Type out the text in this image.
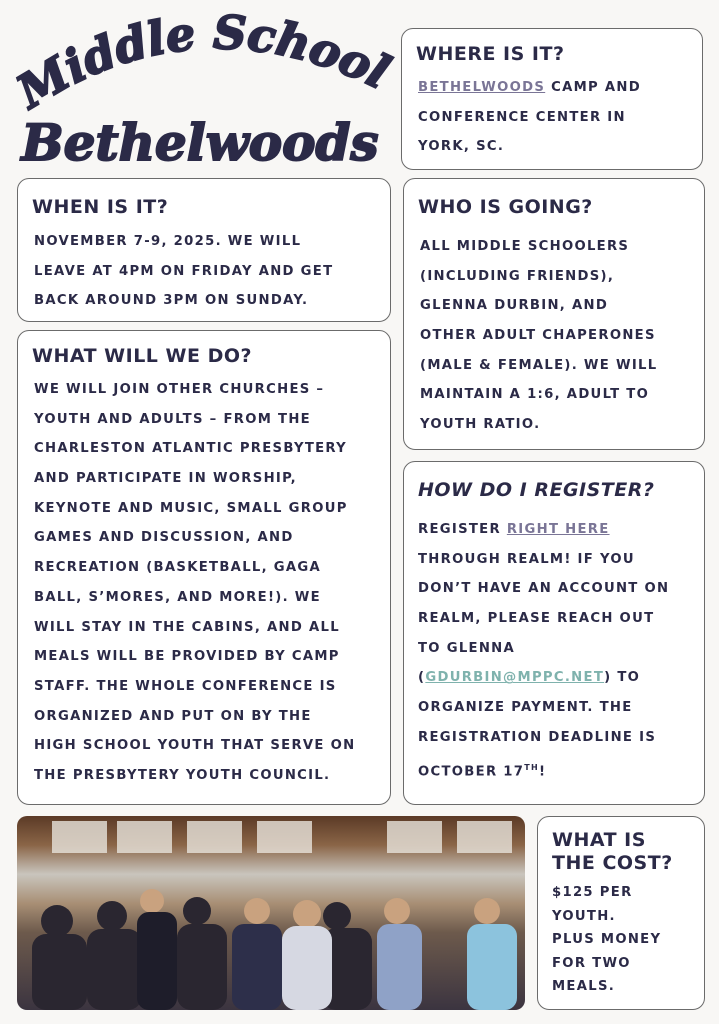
Middle School
Bethelwoods
WHERE IS IT?
BETHELWOODS CAMP AND
CONFERENCE CENTER IN
YORK, SC.
WHEN IS IT?
NOVEMBER 7-9, 2025. WE WILL
LEAVE AT 4PM ON FRIDAY AND GET
BACK AROUND 3PM ON SUNDAY.
WHO IS GOING?
ALL MIDDLE SCHOOLERS
(INCLUDING FRIENDS),
GLENNA DURBIN, AND
OTHER ADULT CHAPERONES
(MALE & FEMALE). WE WILL
MAINTAIN A 1:6, ADULT TO
YOUTH RATIO.
WHAT WILL WE DO?
WE WILL JOIN OTHER CHURCHES –
YOUTH AND ADULTS – FROM THE
CHARLESTON ATLANTIC PRESBYTERY
AND PARTICIPATE IN WORSHIP,
KEYNOTE AND MUSIC, SMALL GROUP
GAMES AND DISCUSSION, AND
RECREATION (BASKETBALL, GAGA
BALL, S’MORES, AND MORE!). WE
WILL STAY IN THE CABINS, AND ALL
MEALS WILL BE PROVIDED BY CAMP
STAFF. THE WHOLE CONFERENCE IS
ORGANIZED AND PUT ON BY THE
HIGH SCHOOL YOUTH THAT SERVE ON
THE PRESBYTERY YOUTH COUNCIL.
HOW DO I REGISTER?
REGISTER RIGHT HERE
THROUGH REALM! IF YOU
DON’T HAVE AN ACCOUNT ON
REALM, PLEASE REACH OUT
TO GLENNA
(GDURBIN@MPPC.NET) TO
ORGANIZE PAYMENT. THE
REGISTRATION DEADLINE IS
OCTOBER 17TH!
WHAT IS
THE COST?
$125 PER
YOUTH.
PLUS MONEY
FOR TWO
MEALS.
